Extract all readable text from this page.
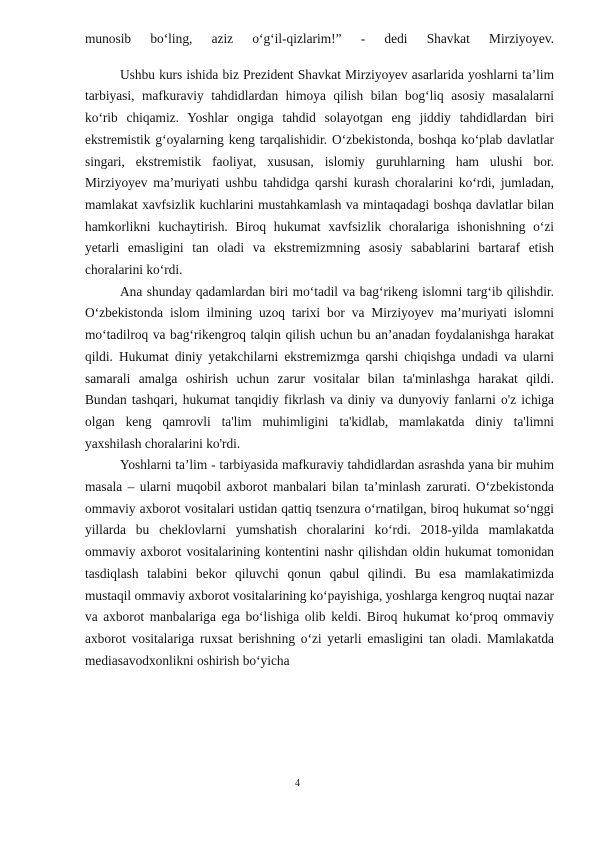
munosib bo‘ling, aziz o‘g‘il-qizlarim!” - dedi Shavkat Mirziyoyev.

Ushbu kurs ishida biz Prezident Shavkat Mirziyoyev asarlarida yoshlarni ta’lim tarbiyasi, mafkuraviy tahdidlardan himoya qilish bilan bog‘liq asosiy masalalarni ko‘rib chiqamiz. Yoshlar ongiga tahdid solayotgan eng jiddiy tahdidlardan biri ekstremistik g‘oyalarning keng tarqalishidir. O‘zbekistonda, boshqa ko‘plab davlatlar singari, ekstremistik faoliyat, xususan, islomiy guruhlarning ham ulushi bor. Mirziyoyev maʼmuriyati ushbu tahdidga qarshi kurash choralarini koʻrdi, jumladan, mamlakat xavfsizlik kuchlarini mustahkamlash va mintaqadagi boshqa davlatlar bilan hamkorlikni kuchaytirish. Biroq hukumat xavfsizlik choralariga ishonishning o‘zi yetarli emasligini tan oladi va ekstremizmning asosiy sabablarini bartaraf etish choralarini ko‘rdi.

Ana shunday qadamlardan biri mo‘tadil va bag‘rikeng islomni targ‘ib qilishdir. O‘zbekistonda islom ilmining uzoq tarixi bor va Mirziyoyev ma’muriyati islomni mo‘tadilroq va bag‘rikengroq talqin qilish uchun bu an’anadan foydalanishga harakat qildi. Hukumat diniy yetakchilarni ekstremizmga qarshi chiqishga undadi va ularni samarali amalga oshirish uchun zarur vositalar bilan ta'minlashga harakat qildi. Bundan tashqari, hukumat tanqidiy fikrlash va diniy va dunyoviy fanlarni o'z ichiga olgan keng qamrovli ta'lim muhimligini ta'kidlab, mamlakatda diniy ta'limni yaxshilash choralarini ko'rdi.

Yoshlarni ta’lim - tarbiyasida mafkuraviy tahdidlardan asrashda yana bir muhim masala – ularni muqobil axborot manbalari bilan ta’minlash zarurati. O‘zbekistonda ommaviy axborot vositalari ustidan qattiq tsenzura o‘rnatilgan, biroq hukumat so‘nggi yillarda bu cheklovlarni yumshatish choralarini ko‘rdi. 2018-yilda mamlakatda ommaviy axborot vositalarining kontentini nashr qilishdan oldin hukumat tomonidan tasdiqlash talabini bekor qiluvchi qonun qabul qilindi. Bu esa mamlakatimizda mustaqil ommaviy axborot vositalarining ko‘payishiga, yoshlarga kengroq nuqtai nazar va axborot manbalariga ega bo‘lishiga olib keldi. Biroq hukumat koʻproq ommaviy axborot vositalariga ruxsat berishning oʻzi yetarli emasligini tan oladi. Mamlakatda mediasavodxonlikni oshirish boʻyicha

4
